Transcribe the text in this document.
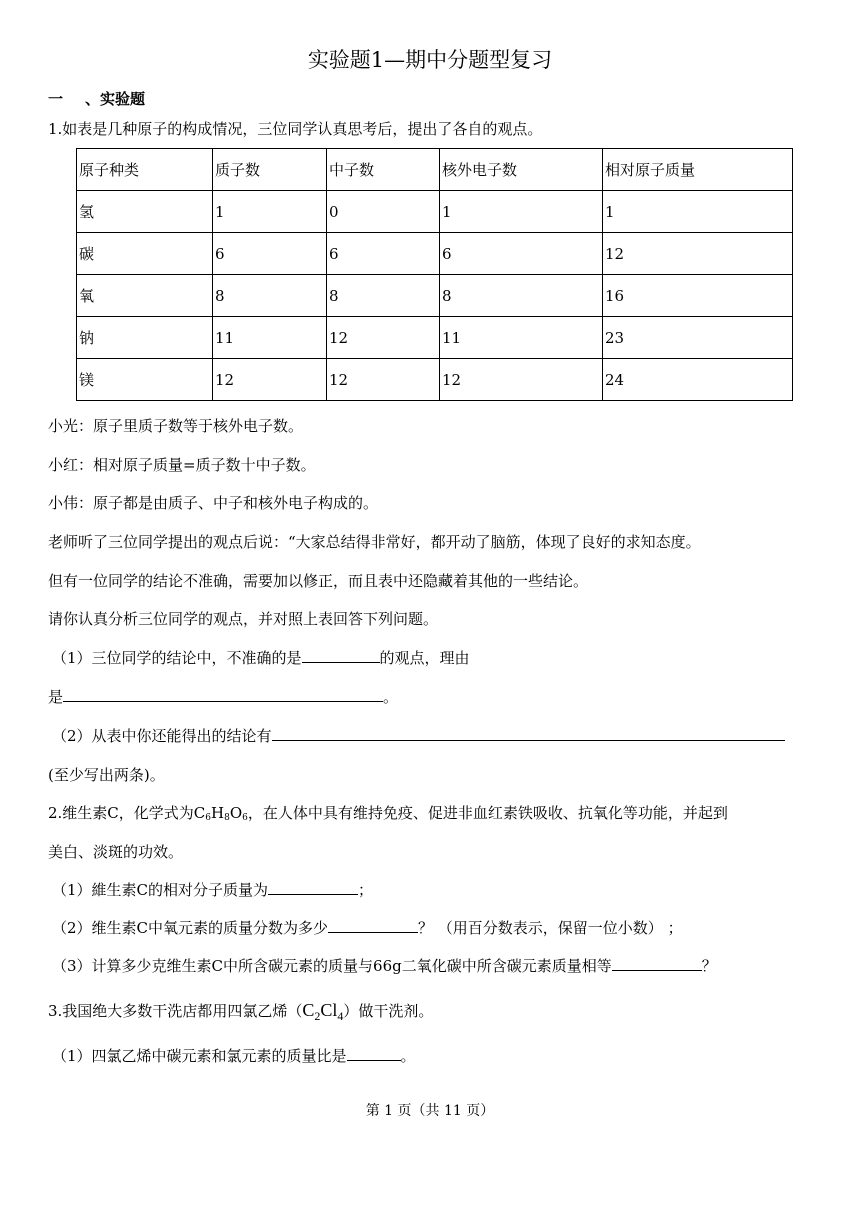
实验题1—期中分题型复习
一 、实验题
1.如表是几种原子的构成情况，三位同学认真思考后，提出了各自的观点。
原子种类	质子数	中子数	核外电子数	相对原子质量
氢	1	0	1	1
碳	6	6	6	12
氧	8	8	8	16
钠	11	12	11	23
镁	12	12	12	24
小光：原子里质子数等于核外电子数。
小红：相对原子质量=质子数十中子数。
小伟：原子都是由质子、中子和核外电子构成的。
老师听了三位同学提出的观点后说：“大家总结得非常好，都开动了脑筋，体现了良好的求知态度。
但有一位同学的结论不准确，需要加以修正，而且表中还隐藏着其他的一些结论。
请你认真分析三位同学的观点，并对照上表回答下列问题。
（1）三位同学的结论中，不准确的是	的观点，理由
是	。
（2）从表中你还能得出的结论有
(至少写出两条)。
2.维生素C，化学式为$C_6H_8O_6$，在人体中具有维持免疫、促进非血红素铁吸收、抗氧化等功能，并起到
美白、淡斑的功效。
（1）維生素C的相对分子质量为	；
（2）维生素C中氧元素的质量分数为多少	？ （用百分数表示，保留一位小数） ；
（3）计算多少克维生素C中所含碳元素的质量与66g二氧化碳中所含碳元素质量相等	？
3.我国绝大多数干洗店都用四氯乙烯$(C_2Cl_4)$做干洗剂。
（1）四氯乙烯中碳元素和氯元素的质量比是	。
第 1 页（共 11 页）
